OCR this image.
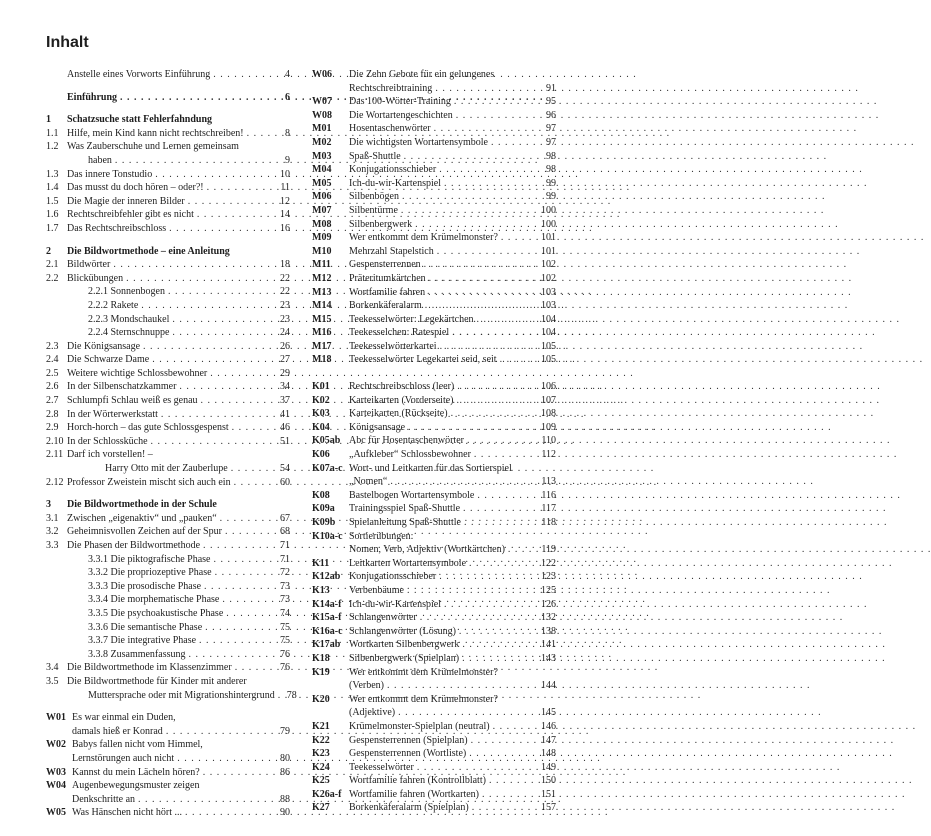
Inhalt
Anstelle eines Vorworts Einführung . . .	4
Einführung . . .	6
1	Schatzsuche statt Fehlerfahndung
1.1 Hilfe, mein Kind kann nicht rechtschreiben! . . .	8
1.2 Was Zauberschuhe und Lernen gemeinsam
haben . . .	9
1.3 Das innere Tonstudio . . .	10
1.4 Das musst du doch hören – oder?! . . .	11
1.5 Die Magie der inneren Bilder . . .	12
1.6 Rechtschreibfehler gibt es nicht . . .	14
1.7 Das Rechtschreibschloss . . .	16
2	Die Bildwortmethode – eine Anleitung
2.1 Bildwörter . . .	18
2.2 Blickübungen . . .	22
2.2.1 Sonnenbogen . . .	22
2.2.2 Rakete . . .	23
2.2.3 Mondschaukel . . .	23
2.2.4 Sternschnuppe . . .	24
2.3 Die Königsansage . . .	26
2.4 Die Schwarze Dame . . .	27
2.5 Weitere wichtige Schlossbewohner . . .	29
2.6 In der Silbenschatzkammer . . .	34
2.7 Schlumpfi Schlau weiß es genau . . .	37
2.8 In der Wörterwerkstatt . . .	41
2.9 Horch-horch – das gute Schlossgespenst . . .	46
2.10 In der Schlossküche . . .	51
2.11 Darf ich vorstellen! –
Harry Otto mit der Zauberlupe . . .	54
2.12 Professor Zweistein mischt sich auch ein . . .	60
3	Die Bildwortmethode in der Schule
3.1 Zwischen „eigenaktiv“ und „pauken“ . . .	67
3.2 Geheimnisvollen Zeichen auf der Spur . . .	68
3.3 Die Phasen der Bildwortmethode . . .	71
3.3.1 Die piktografische Phase . . .	71
3.3.2 Die propriozeptive Phase . . .	72
3.3.3 Die prosodische Phase . . .	73
3.3.4 Die morphematische Phase . . .	73
3.3.5 Die psychoakustische Phase . . .	74
3.3.6 Die semantische Phase . . .	75
3.3.7 Die integrative Phase . . .	75
3.3.8 Zusammenfassung . . .	76
3.4 Die Bildwortmethode im Klassenzimmer . . .	76
3.5 Die Bildwortmethode für Kinder mit anderer
Muttersprache oder mit Migrationshintergrund . . . 78
W01 Es war einmal ein Duden,
damals hieß er Konrad . . .	79
W02 Babys fallen nicht vom Himmel,
Lernstörungen auch nicht . . .	80
W03 Kannst du mein Lächeln hören? . . .	86
W04 Augenbewegungsmuster zeigen
Denkschritte an . . .	88
W05 Was Hänschen nicht hört ... . . .	90
W06	Die Zehn Gebote für ein gelungenes
Rechtschreibtraining . . .	91
W07	Das 100-Wörter-Training . . .	95
W08	Die Wortartengeschichten . . .	96
M01	Hosentaschenwörter . . .	97
M02	Die wichtigsten Wortartensymbole . . .	97
M03	Spaß-Shuttle . . .	98
M04	Konjugationsschieber . . .	98
M05	Ich-du-wir-Kartenspiel . . .	99
M06	Silbenbögen . . .	99
M07	Silbentürme . . .	100
M08	Silbenbergwerk . . .	100
M09	Wer entkommt dem Krümelmonster? . . .	101
M10	Mehrzahl Stapelstich . . .	101
M11	Gespensterrennen . . .	102
M12	Präteritumkärtchen . . .	102
M13	Wortfamilie fahren . . .	103
M14	Borkenkäferalarm . . .	103
M15	Teekesselwörter: Legekärtchen . . .	104
M16	Teekesselchen: Ratespiel . . .	104
M17	Teekesselwörterkartei . . .	105
M18	Teekesselwörter Legekartei seid, seit . . .	105
K01	Rechtschreibschloss (leer) . . .	106
K02	Karteikarten (Vorderseite) . . .	107
K03	Karteikarten (Rückseite) . . .	108
K04	Königsansage . . .	109
K05ab Abc für Hosentaschenwörter . . .	110
K06	„Aufkleber“ Schlossbewohner . . .	112
K07a-c Wort- und Leitkarten für das Sortierspiel
„Nomen“ . . .	113
K08	Bastelbogen Wortartensymbole . . .	116
K09a	Trainingsspiel Spaß-Shuttle . . .	117
K09b	Spielanleitung Spaß-Shuttle . . .	118
K10a-c Sortierübungen:
Nomen, Verb, Adjektiv (Wortkärtchen) . . .	119
K11	Leitkarten Wortartensymbole . . .	122
K12ab Konjugationsschieber . . .	123
K13	Verbenbäume . . .	125
K14a-f Ich-du-wir-Kartenspiel . . .	126
K15a-f Schlangenwörter . . .	132
K16a-c Schlangenwörter (Lösung) . . .	138
K17ab Wortkarten Silbenbergwerk . . .	141
K18	Silbenbergwerk (Spielplan) . . .	143
K19	Wer entkommt dem Krümelmonster?
(Verben) . . .	144
K20	Wer entkommt dem Krümelmonster?
(Adjektive) . . .	145
K21	Krümelmonster-Spielplan (neutral) . . .	146
K22	Gespensterrennen (Spielplan) . . .	147
K23	Gespensterrennen (Wortliste) . . .	148
K24	Teekesselwörter . . .	149
K25	Wortfamilie fahren (Kontrollblatt) . . .	150
K26a-f Wortfamilie fahren (Wortkarten) . . .	151
K27	Borkenkäferalarm (Spielplan) . . .	157
